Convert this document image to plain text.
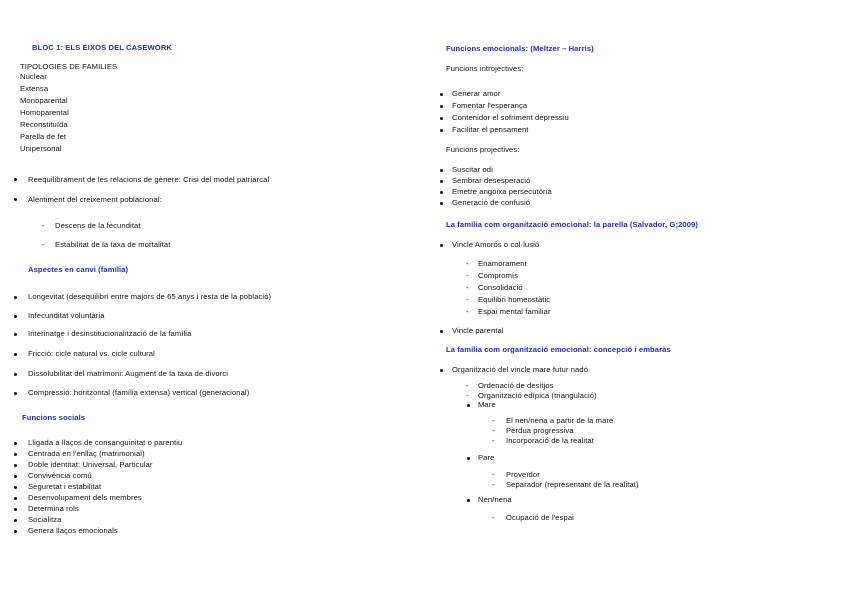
BLOC 1: ELS EIXOS DEL CASEWORK
TIPOLOGIES DE FAMILIES
Nuclear
Extensa
Monoparental
Homoparental
Reconstituïda
Parella de fet
Unipersonal
Reequilibrament de les relacions de gènere: Crisi del model patriarcal
Alentiment del creixement poblacional:
- Descens de la fecunditat
- Estabilitat de la taxa de mortalitat
Aspectes en canvi (família)
Longevitat (desequilibri entre majors de 65 anys i resta de la població)
Infecunditat voluntària
Interinatge i desinstitucionalització de la família
Fricció: cicle natural vs. cicle cultural
Dissolubilitat del matrimoni: Augment de la taxa de divorci
Compressió: horitzontal (família extensa) vertical (generacional)
Funcions socials
Lligada a llaços de consanguinitat o parentiu
Centrada en l'enllaç (matrimonial)
Doble identitat: Universal, Particular
Convivència comú
Seguretat i estabilitat
Desenvolupament dels membres
Determina rols
Socialitza
Genera llaços emocionals
Funcions emocionals: (Meltzer – Harris)
Funcions introjectives:
Generar amor
Fomentar l'esperança
Contenidor el sofriment depressiu
Facilitar el pensament
Funcions projectives:
Suscitar odi
Sembrar desesperació
Emetre angoixa persecutòria
Generació de confusió
La família com organització emocional: la parella (Salvador, G;2009)
Vincle Amorós o col·lusió
- Enamorament
- Compromís
- Consolidació
- Equilibri homeostàtic
- Espai mental familiar
Vincle parental
La família com organització emocional: concepció i embaràs
Organització del vincle mare futur nadó
- Ordenació de desitjos
- Organització edípica (triangulació)
Mare
- El nen/nena a partir de la mare
- Pèrdua progressiva
- Incorporació de la realitat
Pare
- Proveïdor
- Separador (representant de la realitat)
Nen/nena
- Ocupació de l'espai
